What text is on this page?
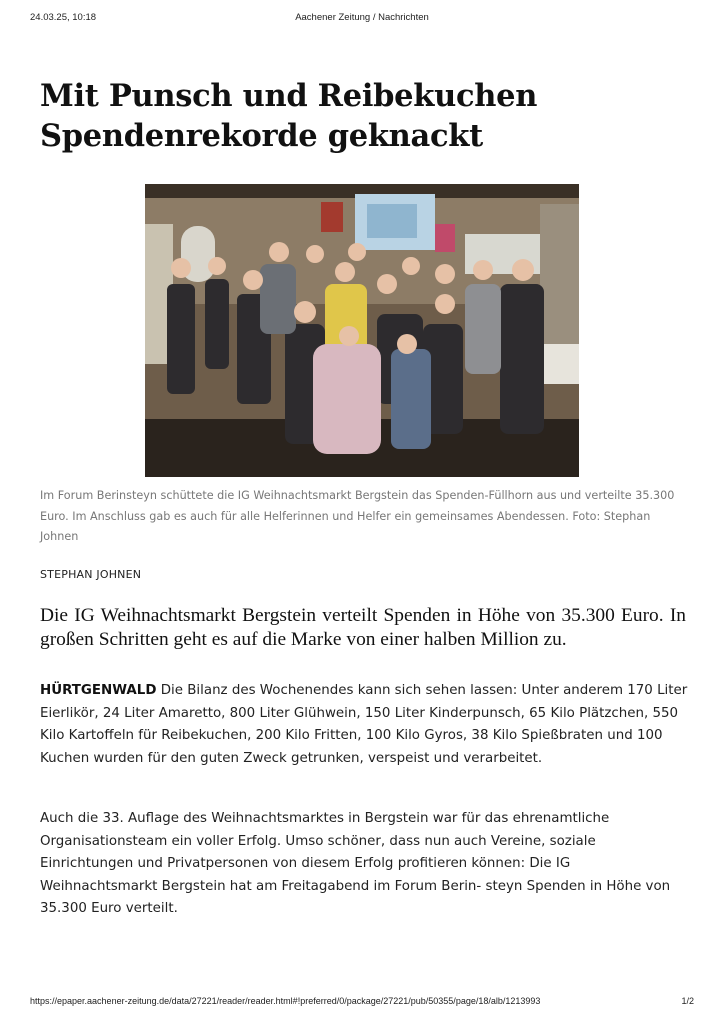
24.03.25, 10:18	Aachener Zeitung / Nachrichten
Mit Punsch und Reibekuchen
Spendenrekorde geknackt
Im Forum Berinsteyn schüttete die IG Weihnachtsmarkt Bergstein das Spenden-Füllhorn aus und verteilte 35.300 Euro. Im Anschluss gab es auch für alle Helferinnen und Helfer ein gemeinsames Abendessen. Foto: Stephan Johnen
STEPHAN JOHNEN

Die IG Weihnachtsmarkt Bergstein verteilt Spenden in Höhe von 35.300 Euro. In großen Schritten geht es auf die Marke von einer halben Million zu.

HÜRTGENWALD Die Bilanz des Wochenendes kann sich sehen lassen: Unter anderem 170 Liter Eierlikör, 24 Liter Amaretto, 800 Liter Glühwein, 150 Liter Kinderpunsch, 65 Kilo Plätzchen, 550 Kilo Kartoffeln für Reibekuchen, 200 Kilo Fritten, 100 Kilo Gyros, 38 Kilo Spießbraten und 100 Kuchen wurden für den guten Zweck getrunken, verspeist und verarbeitet.

Auch die 33. Auflage des Weihnachtsmarktes in Bergstein war für das ehrenamtliche Organisationsteam ein voller Erfolg. Umso schöner, dass nun auch Vereine, soziale Einrichtungen und Privatpersonen von diesem Erfolg profitieren können: Die IG Weihnachtsmarkt Bergstein hat am Freitagabend im Forum Berin- steyn Spenden in Höhe von 35.300 Euro verteilt.

https://epaper.aachener-zeitung.de/data/27221/reader/reader.html#!preferred/0/package/27221/pub/50355/page/18/alb/1213993	1/2
